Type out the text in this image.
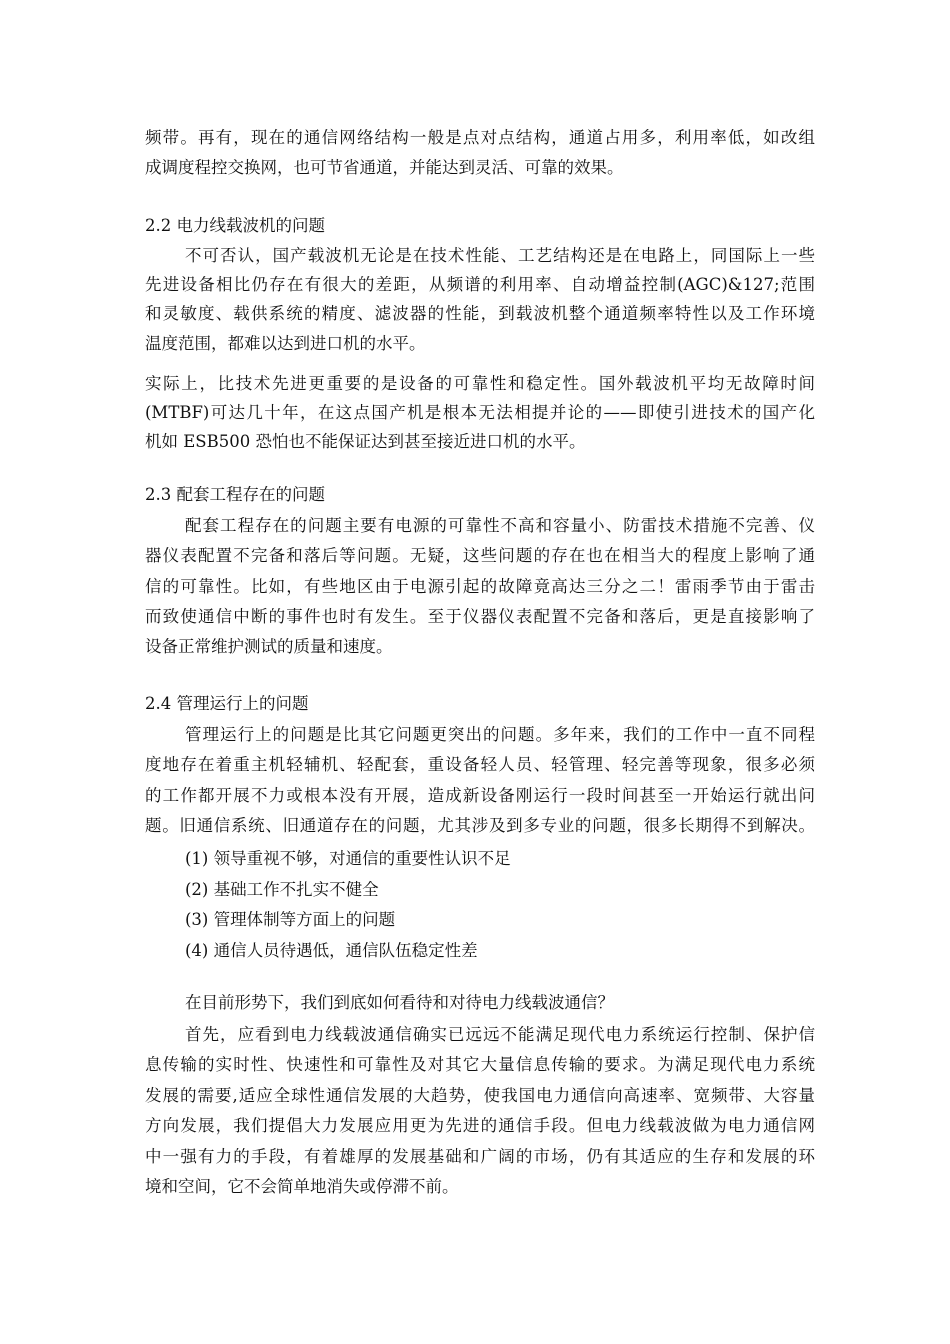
频带。再有，现在的通信网络结构一般是点对点结构，通道占用多，利用率低，如改组
成调度程控交换网，也可节省通道，并能达到灵活、可靠的效果。
2.2 电力线载波机的问题
不可否认，国产载波机无论是在技术性能、工艺结构还是在电路上，同国际上一些
先进设备相比仍存在有很大的差距，从频谱的利用率、自动增益控制(AGC)&127;范围
和灵敏度、载供系统的精度、滤波器的性能，到载波机整个通道频率特性以及工作环境
温度范围，都难以达到进口机的水平。
实际上，比技术先进更重要的是设备的可靠性和稳定性。国外载波机平均无故障时间
(MTBF)可达几十年，在这点国产机是根本无法相提并论的——即使引进技术的国产化
机如 ESB500 恐怕也不能保证达到甚至接近进口机的水平。
2.3 配套工程存在的问题
配套工程存在的问题主要有电源的可靠性不高和容量小、防雷技术措施不完善、仪
器仪表配置不完备和落后等问题。无疑，这些问题的存在也在相当大的程度上影响了通
信的可靠性。比如，有些地区由于电源引起的故障竟高达三分之二！雷雨季节由于雷击
而致使通信中断的事件也时有发生。至于仪器仪表配置不完备和落后，更是直接影响了
设备正常维护测试的质量和速度。
2.4 管理运行上的问题
管理运行上的问题是比其它问题更突出的问题。多年来，我们的工作中一直不同程
度地存在着重主机轻辅机、轻配套，重设备轻人员、轻管理、轻完善等现象，很多必须
的工作都开展不力或根本没有开展，造成新设备刚运行一段时间甚至一开始运行就出问
题。旧通信系统、旧通道存在的问题，尤其涉及到多专业的问题，很多长期得不到解决。
(1) 领导重视不够，对通信的重要性认识不足
(2) 基础工作不扎实不健全
(3) 管理体制等方面上的问题
(4) 通信人员待遇低，通信队伍稳定性差
在目前形势下，我们到底如何看待和对待电力线载波通信？
首先，应看到电力线载波通信确实已远远不能满足现代电力系统运行控制、保护信
息传输的实时性、快速性和可靠性及对其它大量信息传输的要求。为满足现代电力系统
发展的需要,适应全球性通信发展的大趋势，使我国电力通信向高速率、宽频带、大容量
方向发展，我们提倡大力发展应用更为先进的通信手段。但电力线载波做为电力通信网
中一强有力的手段，有着雄厚的发展基础和广阔的市场，仍有其适应的生存和发展的环
境和空间，它不会简单地消失或停滞不前。
